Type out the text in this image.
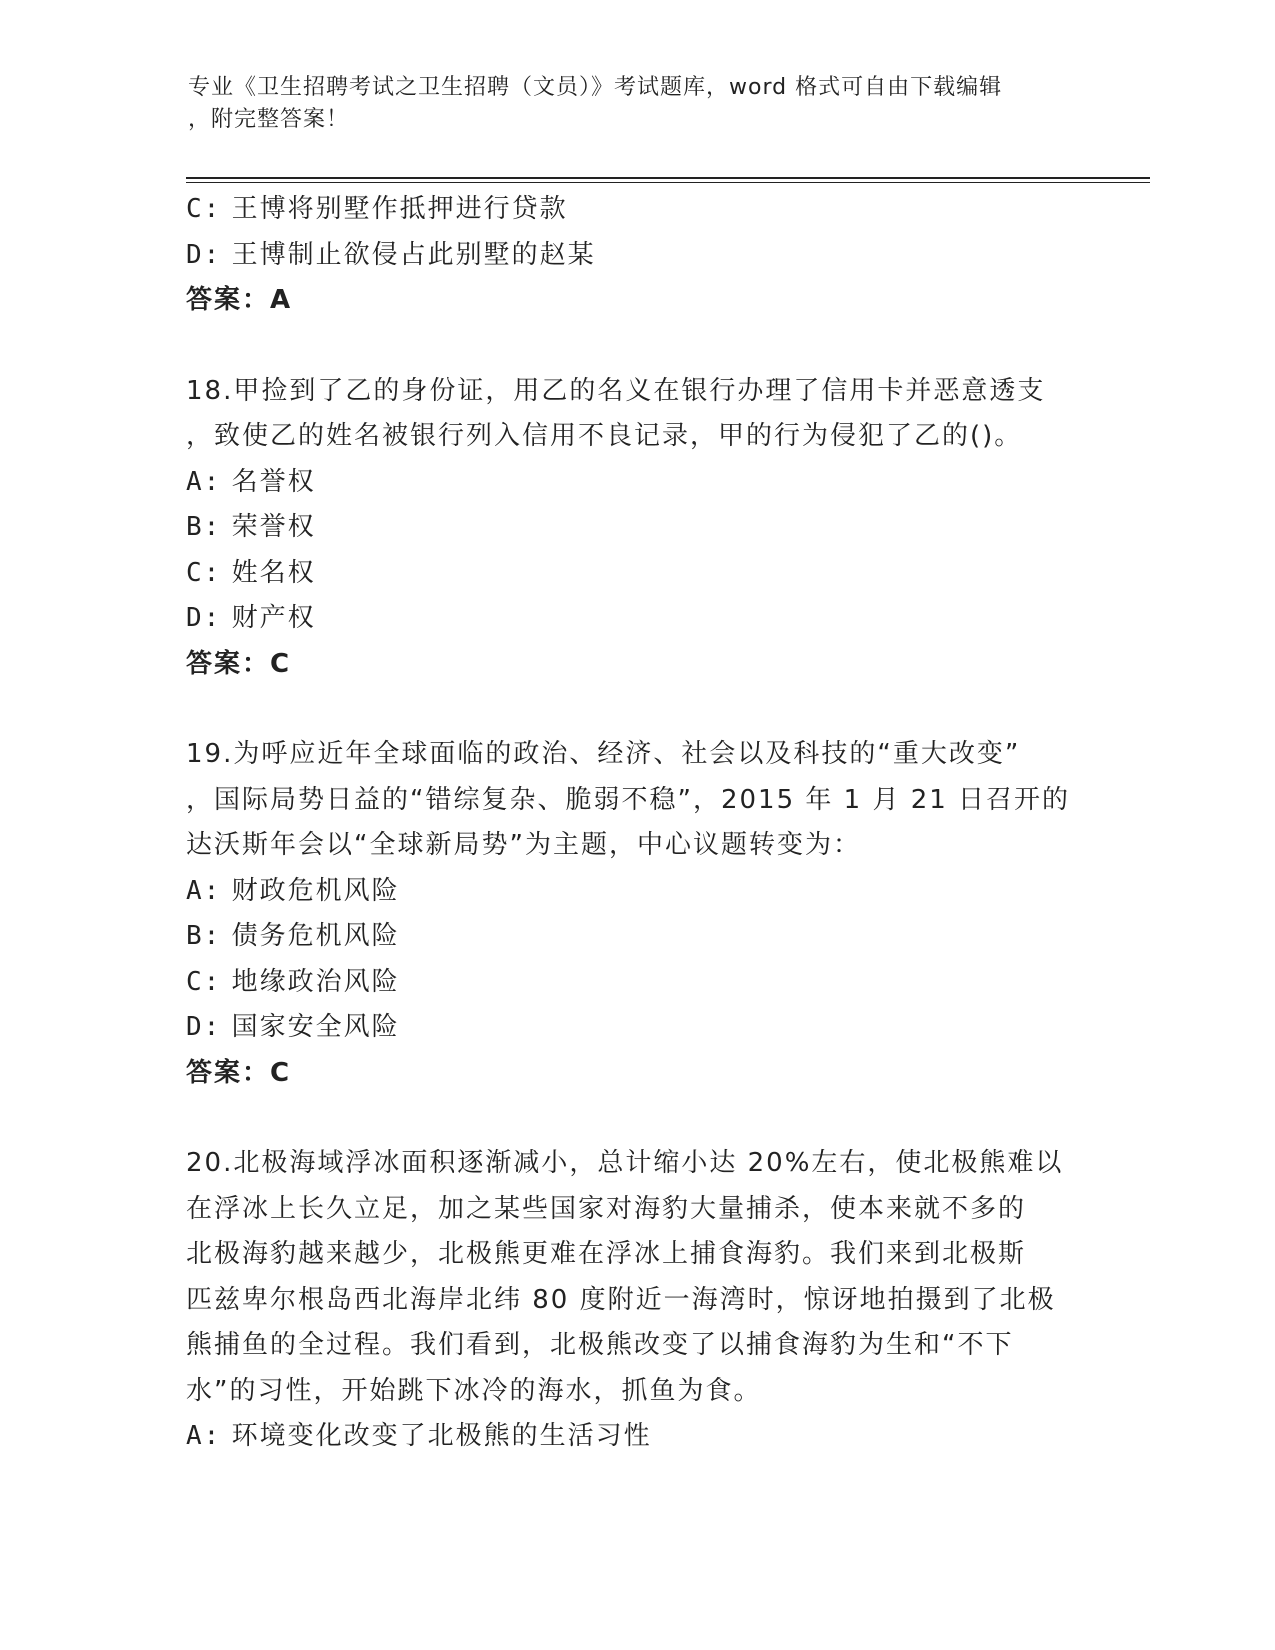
专业《卫生招聘考试之卫生招聘（文员）》考试题库，word 格式可自由下载编辑
，附完整答案！
C: 王博将别墅作抵押进行贷款
D: 王博制止欲侵占此别墅的赵某
答案：A
18.甲捡到了乙的身份证，用乙的名义在银行办理了信用卡并恶意透支
，致使乙的姓名被银行列入信用不良记录，甲的行为侵犯了乙的()。
A: 名誉权
B: 荣誉权
C: 姓名权
D: 财产权
答案：C
19.为呼应近年全球面临的政治、经济、社会以及科技的“重大改变”
，国际局势日益的“错综复杂、脆弱不稳”，2015 年 1 月 21 日召开的
达沃斯年会以“全球新局势”为主题，中心议题转变为：
A: 财政危机风险
B: 债务危机风险
C: 地缘政治风险
D: 国家安全风险
答案：C
20.北极海域浮冰面积逐渐减小，总计缩小达 20%左右，使北极熊难以
在浮冰上长久立足，加之某些国家对海豹大量捕杀，使本来就不多的
北极海豹越来越少，北极熊更难在浮冰上捕食海豹。我们来到北极斯
匹兹卑尔根岛西北海岸北纬 80 度附近一海湾时，惊讶地拍摄到了北极
熊捕鱼的全过程。我们看到，北极熊改变了以捕食海豹为生和“不下
水”的习性，开始跳下冰冷的海水，抓鱼为食。
A: 环境变化改变了北极熊的生活习性
